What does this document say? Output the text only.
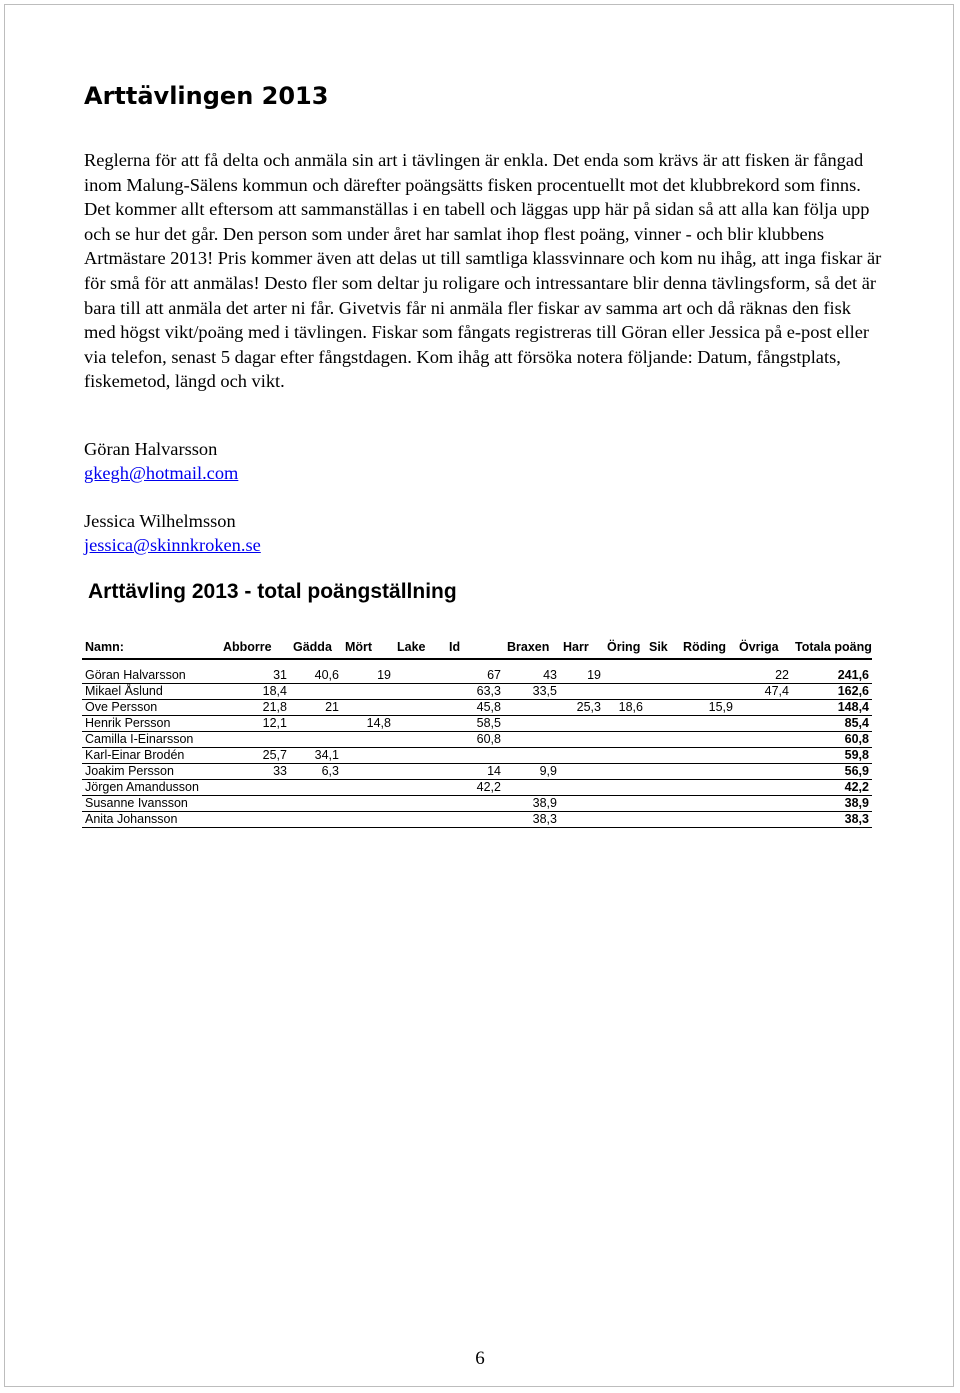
Arttävlingen 2013

Reglerna för att få delta och anmäla sin art i tävlingen är enkla. Det enda som krävs är att fisken är fångad inom Malung-Sälens kommun och därefter poängsätts fisken procentuellt mot det klubbrekord som finns. Det kommer allt eftersom att sammanställas i en tabell och läggas upp här på sidan så att alla kan följa upp och se hur det går. Den person som under året har samlat ihop flest poäng, vinner - och blir klubbens Artmästare 2013! Pris kommer även att delas ut till samtliga klassvinnare och kom nu ihåg, att inga fiskar är för små för att anmälas! Desto fler som deltar ju roligare och intressantare blir denna tävlingsform, så det är bara till att anmäla det arter ni får. Givetvis får ni anmäla fler fiskar av samma art och då räknas den fisk med högst vikt/poäng med i tävlingen. Fiskar som fångats registreras till Göran eller Jessica på e-post eller via telefon, senast 5 dagar efter fångstdagen. Kom ihåg att försöka notera följande: Datum, fångstplats, fiskemetod, längd och vikt.

Göran Halvarsson
gkegh@hotmail.com

Jessica Wilhelmsson
jessica@skinnkroken.se

Arttävling 2013 - total poängställning
Namn:	Abborre	Gädda	Mört	Lake	Id	Braxen	Harr	Öring	Sik	Röding	Övriga	Totala poäng

Göran Halvarsson	31	40,6	19		67	43	19				22	241,6
Mikael Åslund	18,4				63,3	33,5					47,4	162,6
Ove Persson	21,8	21			45,8		25,3	18,6		15,9		148,4
Henrik Persson	12,1		14,8		58,5							85,4
Camilla I-Einarsson					60,8							60,8
Karl-Einar Brodén	25,7	34,1										59,8
Joakim Persson	33	6,3			14	9,9						56,9
Jörgen Amandusson					42,2							42,2
Susanne Ivansson						38,9						38,9
Anita Johansson						38,3						38,3
6
